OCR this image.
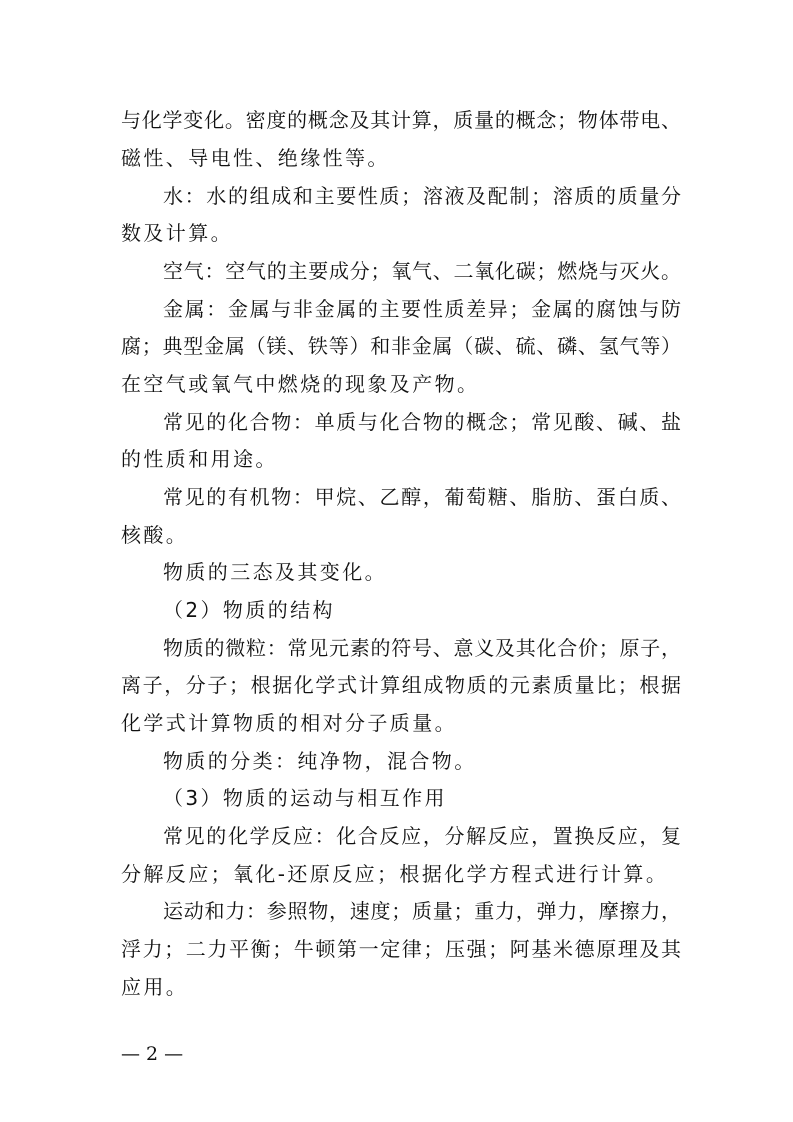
与化学变化。密度的概念及其计算，质量的概念；物体带电、
磁性、导电性、绝缘性等。
水：水的组成和主要性质；溶液及配制；溶质的质量分
数及计算。
空气：空气的主要成分；氧气、二氧化碳；燃烧与灭火。
金属：金属与非金属的主要性质差异；金属的腐蚀与防
腐；典型金属（镁、铁等）和非金属（碳、硫、磷、氢气等）
在空气或氧气中燃烧的现象及产物。
常见的化合物：单质与化合物的概念；常见酸、碱、盐
的性质和用途。
常见的有机物：甲烷、乙醇，葡萄糖、脂肪、蛋白质、
核酸。
物质的三态及其变化。
（2）物质的结构
物质的微粒：常见元素的符号、意义及其化合价；原子，
离子，分子；根据化学式计算组成物质的元素质量比；根据
化学式计算物质的相对分子质量。
物质的分类：纯净物，混合物。
（3）物质的运动与相互作用
常见的化学反应：化合反应，分解反应，置换反应，复
分解反应；氧化-还原反应；根据化学方程式进行计算。
运动和力：参照物，速度；质量；重力，弹力，摩擦力，
浮力；二力平衡；牛顿第一定律；压强；阿基米德原理及其
应用。
— 2 —
